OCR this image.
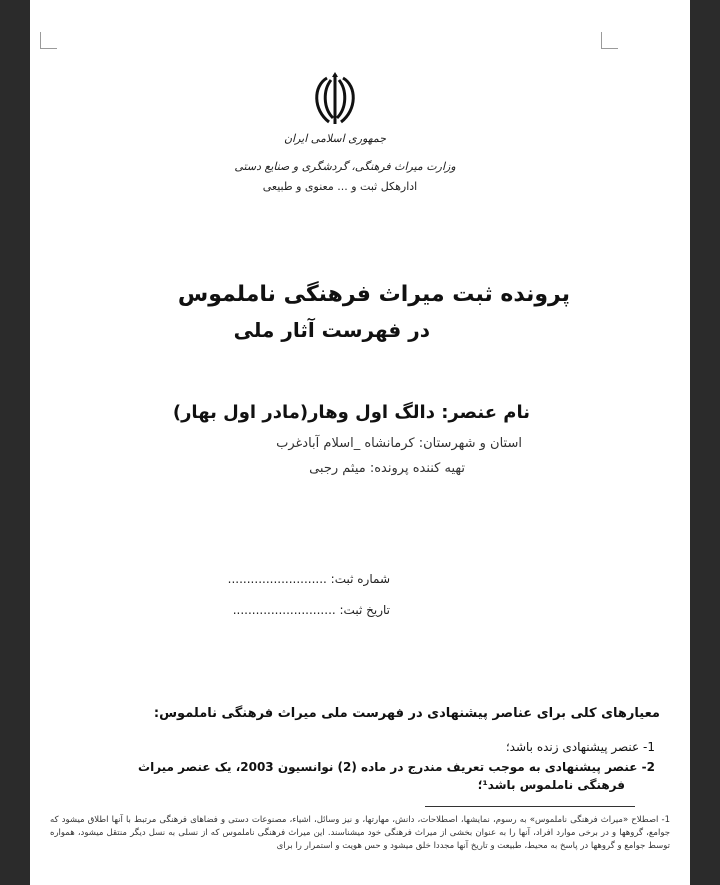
جمهوری اسلامی ایران
وزارت میراث فرهنگی، گردشگری و صنایع دستی
ادارهکل ثبت و ... معنوی و طبیعی
پرونده ثبت میراث فرهنگی ناملموس
در فهرست آثار ملی
نام عنصر: دالگ اول وهار(مادر اول بهار)
استان و شهرستان: کرمانشاه _اسلام آبادغرب
تهیه کننده پرونده: میثم رجبی
شماره ثبت: ..........................
تاریخ ثبت: ...........................
معیارهای کلی برای عناصر پیشنهادی در فهرست ملی میراث فرهنگی ناملموس:
1- عنصر پیشنهادی زنده باشد؛
2- عنصر پیشنهادی به موجب تعریف مندرج در ماده (2) نوانسیون 2003، یک عنصر میراث
فرهنگی ناملموس باشد¹؛
1- اصطلاح «میراث فرهنگی ناملموس» به رسوم، نمایشها، اصطلاحات، دانش، مهارتها، و نیز وسائل، اشیاء، مصنوعات دستی و فضاهای فرهنگی مرتبط با آنها اطلاق میشود که جوامع، گروهها و در برخی موارد افراد، آنها را به عنوان بخشی از میراث فرهنگی خود میشناسند. این میراث فرهنگی ناملموس که از نسلی به نسل دیگر منتقل میشود، همواره توسط جوامع و گروهها در پاسخ به محیط، طبیعت و تاریخ آنها مجددا خلق میشود و حس هویت و استمرار را برای
